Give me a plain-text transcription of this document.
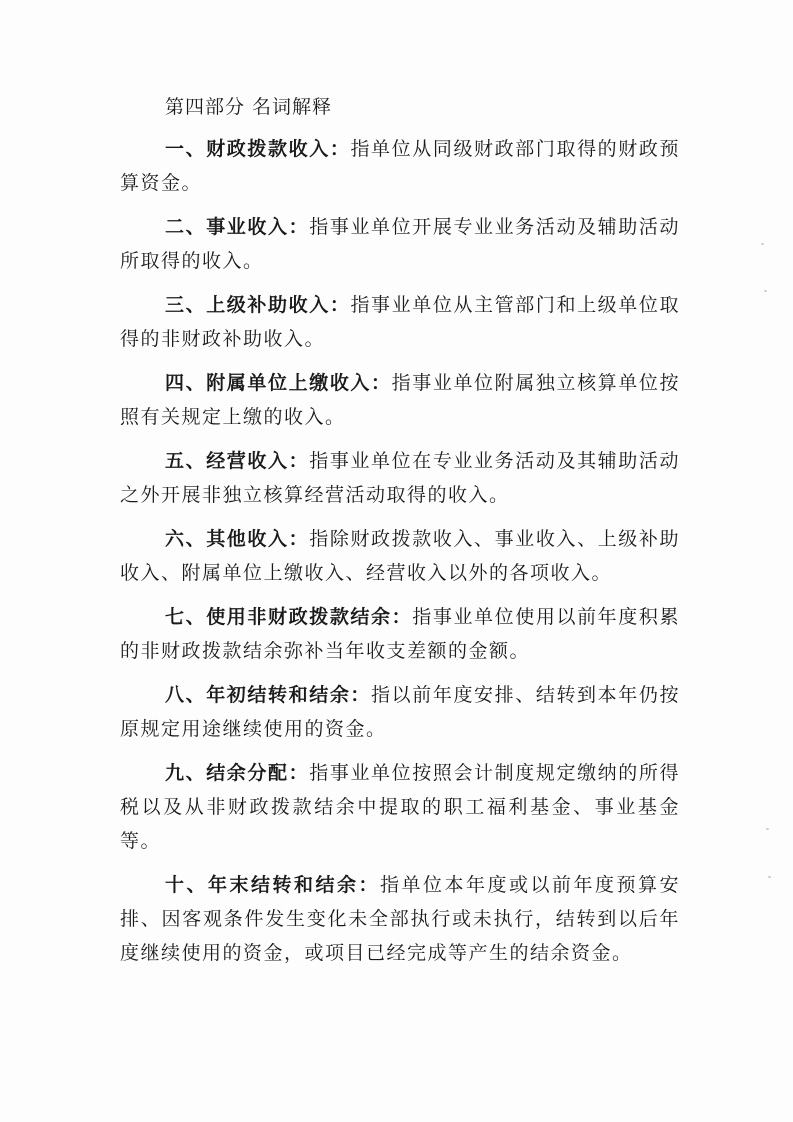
第四部分 名词解释

一、财政拨款收入：指单位从同级财政部门取得的财政预算资金。

二、事业收入：指事业单位开展专业业务活动及辅助活动所取得的收入。

三、上级补助收入：指事业单位从主管部门和上级单位取得的非财政补助收入。

四、附属单位上缴收入：指事业单位附属独立核算单位按照有关规定上缴的收入。

五、经营收入：指事业单位在专业业务活动及其辅助活动之外开展非独立核算经营活动取得的收入。

六、其他收入：指除财政拨款收入、事业收入、上级补助收入、附属单位上缴收入、经营收入以外的各项收入。

七、使用非财政拨款结余：指事业单位使用以前年度积累的非财政拨款结余弥补当年收支差额的金额。

八、年初结转和结余：指以前年度安排、结转到本年仍按原规定用途继续使用的资金。

九、结余分配：指事业单位按照会计制度规定缴纳的所得税以及从非财政拨款结余中提取的职工福利基金、事业基金等。

十、年末结转和结余：指单位本年度或以前年度预算安排、因客观条件发生变化未全部执行或未执行，结转到以后年度继续使用的资金，或项目已经完成等产生的结余资金。
